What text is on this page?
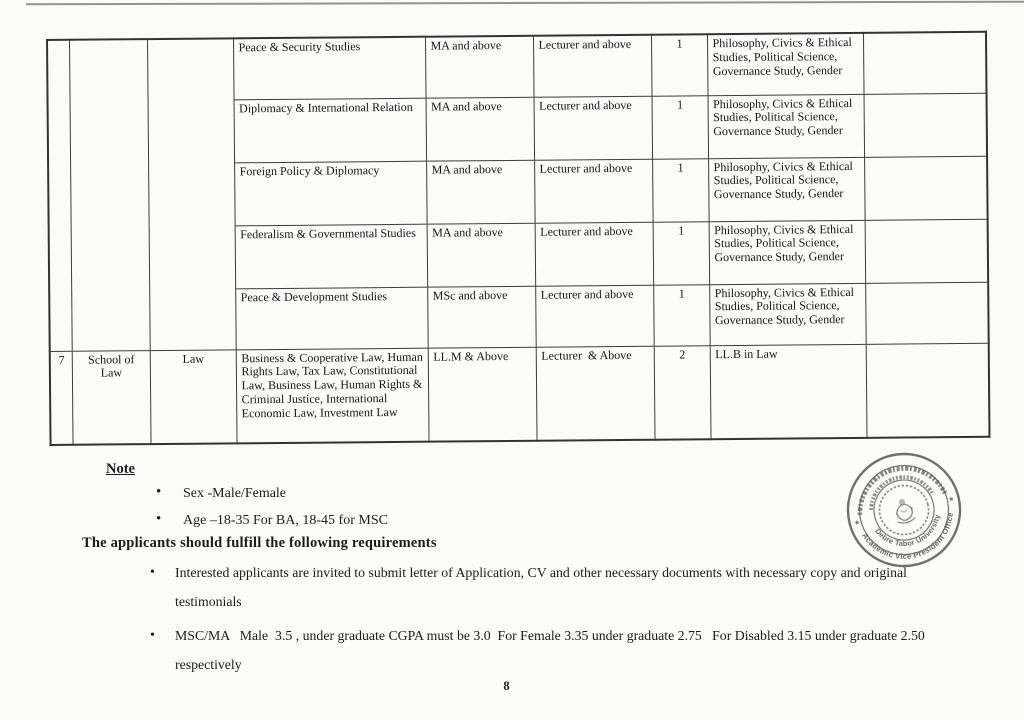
			Peace & Security Studies	MA and above	Lecturer and above	1	Philosophy, Civics & Ethical Studies, Political Science, Governance Study, Gender	
			Diplomacy & International Relation	MA and above	Lecturer and above	1	Philosophy, Civics & Ethical Studies, Political Science, Governance Study, Gender	
			Foreign Policy & Diplomacy	MA and above	Lecturer and above	1	Philosophy, Civics & Ethical Studies, Political Science, Governance Study, Gender	
			Federalism & Governmental Studies	MA and above	Lecturer and above	1	Philosophy, Civics & Ethical Studies, Political Science, Governance Study, Gender	
			Peace & Development Studies	MSc and above	Lecturer and above	1	Philosophy, Civics & Ethical Studies, Political Science, Governance Study, Gender	
7	School of Law	Law	Business & Cooperative Law, Human Rights Law, Tax Law, Constitutional Law, Business Law, Human Rights & Criminal Justice, International Economic Law, Investment Law	LL.M & Above	Lecturer  & Above	2	LL.B in Law	
Note
• Sex -Male/Female
• Age –18-35 For BA, 18-45 for MSC
The applicants should fulfill the following requirements
• Interested applicants are invited to submit letter of Application, CV and other necessary documents with necessary copy and original testimonials
• MSC/MA   Male  3.5 , under graduate CGPA must be 3.0  For Female 3.35 under graduate 2.75   For Disabled 3.15 under graduate 2.50 respectively
8
Academic Vice President Office
Debre Tabor University
★
★
